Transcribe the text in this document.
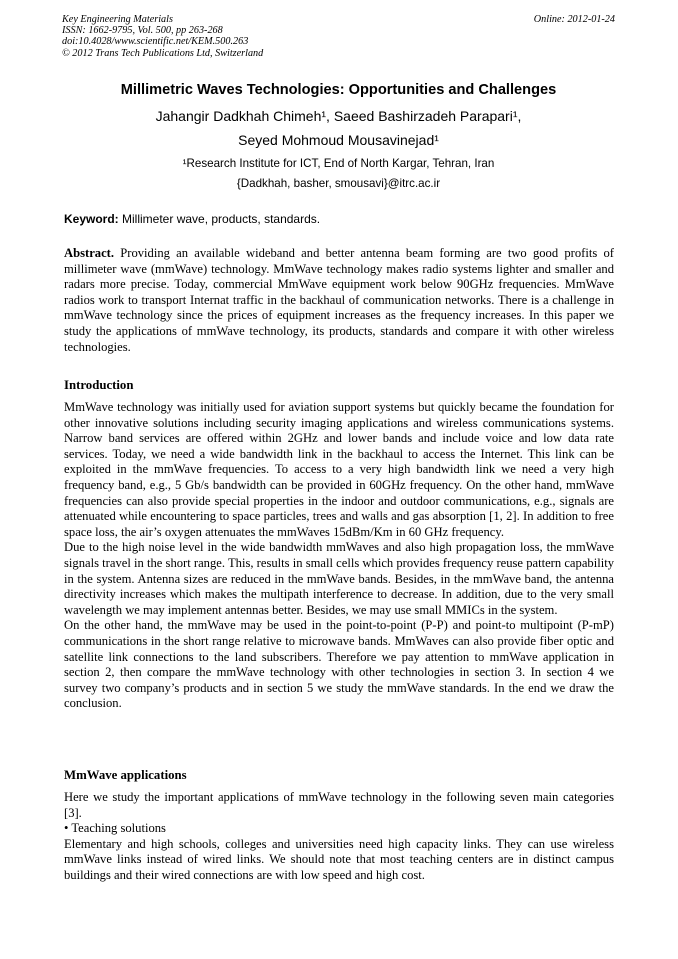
Key Engineering Materials
ISSN: 1662-9795, Vol. 500, pp 263-268
doi:10.4028/www.scientific.net/KEM.500.263
© 2012 Trans Tech Publications Ltd, Switzerland
Online: 2012-01-24
Millimetric Waves Technologies: Opportunities and Challenges
Jahangir Dadkhah Chimeh¹, Saeed Bashirzadeh Parapari¹,
Seyed Mohmoud Mousavinejad¹
¹Research Institute for ICT, End of North Kargar, Tehran, Iran
{Dadkhah, basher, smousavi}@itrc.ac.ir
Keyword: Millimeter wave, products, standards.

Abstract. Providing an available wideband and better antenna beam forming are two good profits of millimeter wave (mmWave) technology. MmWave technology makes radio systems lighter and smaller and radars more precise. Today, commercial MmWave equipment work below 90GHz frequencies. MmWave radios work to transport Internat traffic in the backhaul of communication networks. There is a challenge in mmWave technology since the prices of equipment increases as the frequency increases. In this paper we study the applications of mmWave technology, its products, standards and compare it with other wireless technologies.

Introduction

MmWave technology was initially used for aviation support systems but quickly became the foundation for other innovative solutions including security imaging applications and wireless communications systems. Narrow band services are offered within 2GHz and lower bands and include voice and low data rate services. Today, we need a wide bandwidth link in the backhaul to access the Internet. This link can be exploited in the mmWave frequencies. To access to a very high bandwidth link we need a very high frequency band, e.g., 5 Gb/s bandwidth can be provided in 60GHz frequency. On the other hand, mmWave frequencies can also provide special properties in the indoor and outdoor communications, e.g., signals are attenuated while encountering to space particles, trees and walls and gas absorption [1, 2]. In addition to free space loss, the air’s oxygen attenuates the mmWaves 15dBm/Km in 60 GHz frequency.

Due to the high noise level in the wide bandwidth mmWaves and also high propagation loss, the mmWave signals travel in the short range. This, results in small cells which provides frequency reuse pattern capability in the system. Antenna sizes are reduced in the mmWave bands. Besides, in the mmWave band, the antenna directivity increases which makes the multipath interference to decrease. In addition, due to the very small wavelength we may implement antennas better. Besides, we may use small MMICs in the system.

On the other hand, the mmWave may be used in the point-to-point (P-P) and point-to multipoint (P-mP) communications in the short range relative to microwave bands. MmWaves can also provide fiber optic and satellite link connections to the land subscribers. Therefore we pay attention to mmWave application in section 2, then compare the mmWave technology with other technologies in section 3. In section 4 we survey two company’s products and in section 5 we study the mmWave standards. In the end we draw the conclusion.

MmWave applications

Here we study the important applications of mmWave technology in the following seven main categories [3].

• Teaching solutions

Elementary and high schools, colleges and universities need high capacity links. They can use wireless mmWave links instead of wired links. We should note that most teaching centers are in distinct campus buildings and their wired connections are with low speed and high cost.
